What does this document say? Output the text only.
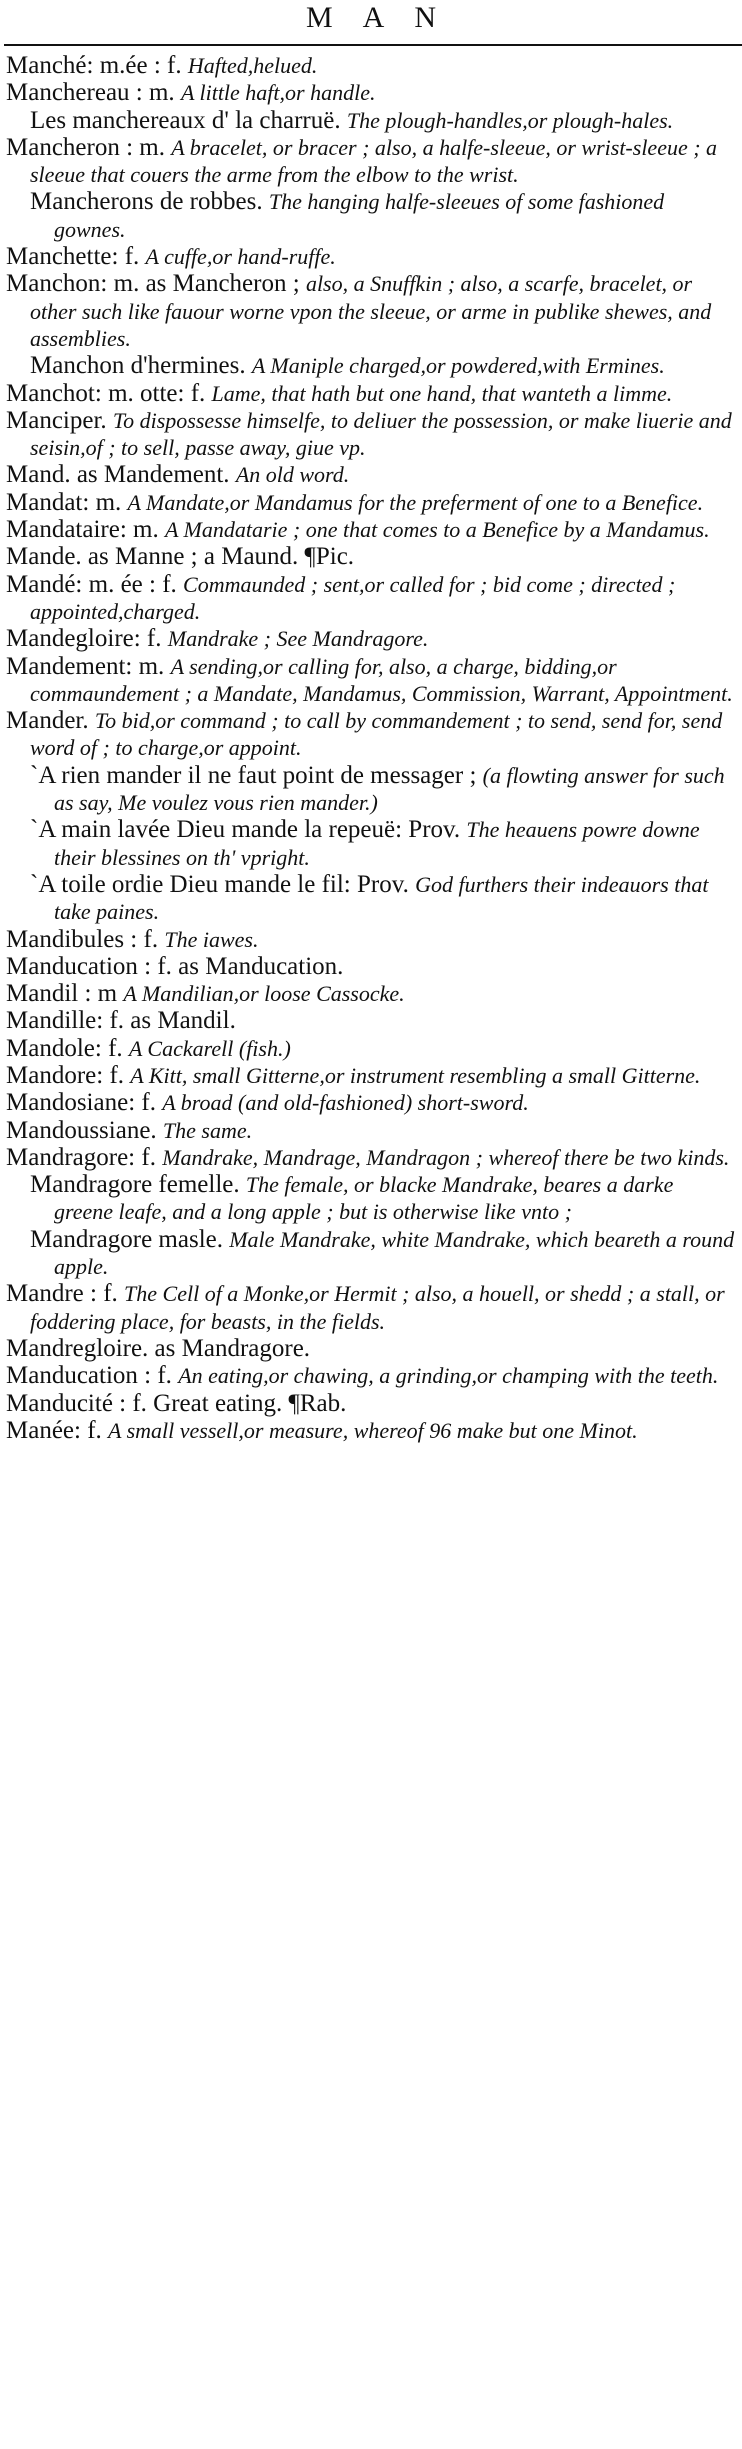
MAN

Manché: m.ée : f. Hafted,helued.

Manchereau : m. A little haft,or handle.

Les manchereaux d' la charruë. The plough-handles,or plough-hales.

Mancheron : m. A bracelet, or bracer ; also, a halfe-sleeue, or wrist-sleeue ; a sleeue that couers the arme from the elbow to the wrist.

Mancherons de robbes. The hanging halfe-sleeues of some fashioned gownes.

Manchette: f. A cuffe,or hand-ruffe.

Manchon: m. as Mancheron ; also, a Snuffkin ; also, a scarfe, bracelet, or other such like fauour worne vpon the sleeue, or arme in publike shewes, and assemblies.

Manchon d'hermines. A Maniple charged,or powdered,with Ermines.

Manchot: m. otte: f. Lame, that hath but one hand, that wanteth a limme.

Manciper. To dispossesse himselfe, to deliuer the possession, or make liuerie and seisin,of ; to sell, passe away, giue vp.

Mand. as Mandement. An old word.

Mandat: m. A Mandate,or Mandamus for the preferment of one to a Benefice.

Mandataire: m. A Mandatarie ; one that comes to a Benefice by a Mandamus.

Mande. as Manne ; a Maund. ¶Pic.

Mandé: m. ée : f. Commaunded ; sent,or called for ; bid come ; directed ; appointed,charged.

Mandegloire: f. Mandrake ; See Mandragore.

Mandement: m. A sending,or calling for, also, a charge, bidding,or commaundement ; a Mandate, Mandamus, Commission, Warrant, Appointment.

Mander. To bid,or command ; to call by commandement ; to send, send for, send word of ; to charge,or appoint.

`A rien mander il ne faut point de messager ; (a flowting answer for such as say, Me voulez vous rien mander.)

`A main lavée Dieu mande la repeuë: Prov. The heauens powre downe their blessines on th' vpright.

`A toile ordie Dieu mande le fil: Prov. God furthers their indeauors that take paines.

Mandibules : f. The iawes.

Manducation : f. as Manducation.

Mandil : m A Mandilian,or loose Cassocke.

Mandille: f. as Mandil.

Mandole: f. A Cackarell (fish.)

Mandore: f. A Kitt, small Gitterne,or instrument resembling a small Gitterne.

Mandosiane: f. A broad (and old-fashioned) short-sword.

Mandoussiane. The same.

Mandragore: f. Mandrake, Mandrage, Mandragon ; whereof there be two kinds.

Mandragore femelle. The female, or blacke Mandrake, beares a darke greene leafe, and a long apple ; but is otherwise like vnto ;

Mandragore masle. Male Mandrake, white Mandrake, which beareth a round apple.

Mandre : f. The Cell of a Monke,or Hermit ; also, a houell, or shedd ; a stall, or foddering place, for beasts, in the fields.

Mandregloire. as Mandragore.

Manducation : f. An eating,or chawing, a grinding,or champing with the teeth.

Manducité : f. Great eating. ¶Rab.

Manée: f. A small vessell,or measure, whereof 96 make but one Minot.
